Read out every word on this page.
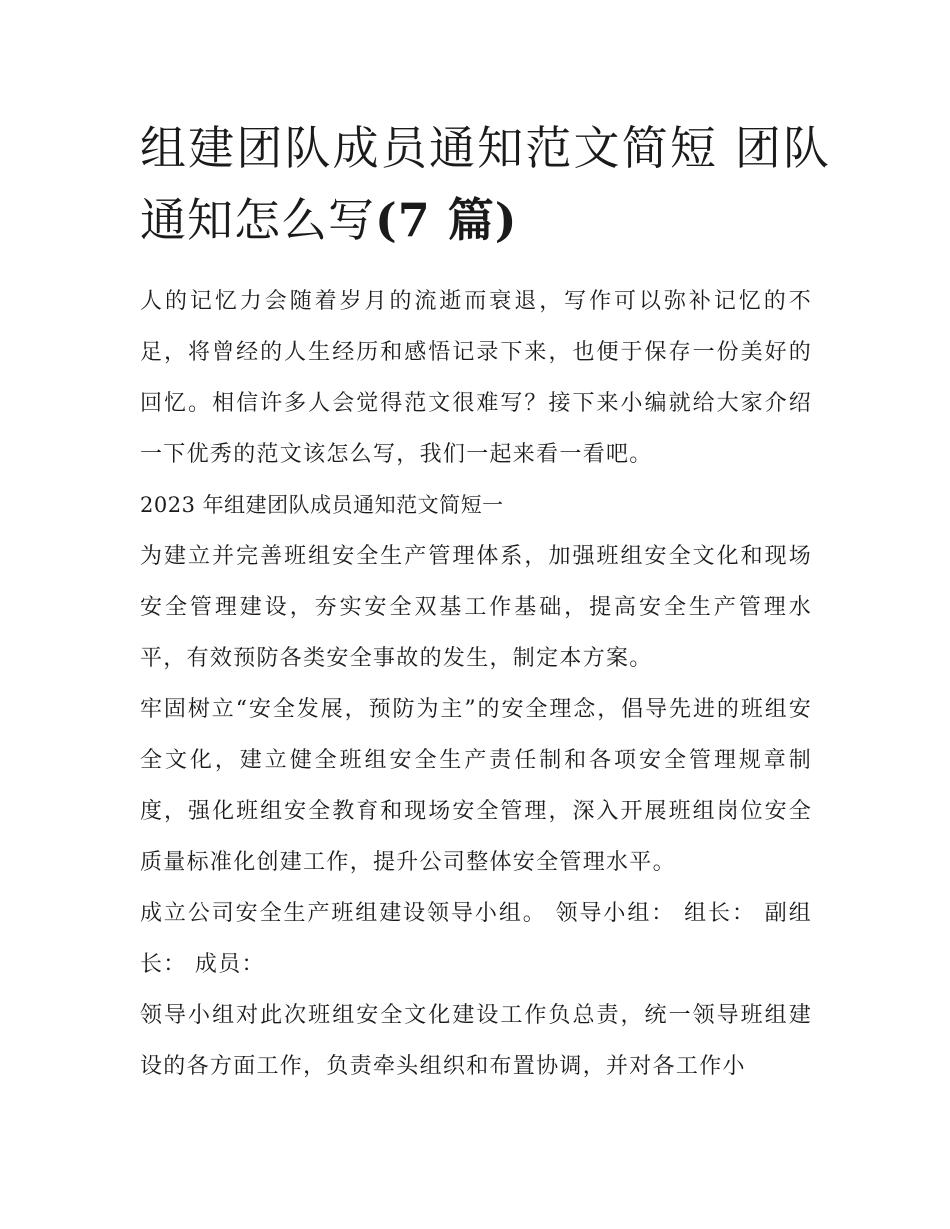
组建团队成员通知范文简短 团队通知怎么写(7 篇)

人的记忆力会随着岁月的流逝而衰退，写作可以弥补记忆的不足，将曾经的人生经历和感悟记录下来，也便于保存一份美好的回忆。相信许多人会觉得范文很难写？接下来小编就给大家介绍一下优秀的范文该怎么写，我们一起来看一看吧。

2023 年组建团队成员通知范文简短一

为建立并完善班组安全生产管理体系，加强班组安全文化和现场安全管理建设，夯实安全双基工作基础，提高安全生产管理水平，有效预防各类安全事故的发生，制定本方案。

牢固树立“安全发展，预防为主”的安全理念，倡导先进的班组安全文化，建立健全班组安全生产责任制和各项安全管理规章制度，强化班组安全教育和现场安全管理，深入开展班组岗位安全质量标准化创建工作，提升公司整体安全管理水平。

成立公司安全生产班组建设领导小组。 领导小组： 组长： 副组长： 成员：

领导小组对此次班组安全文化建设工作负总责，统一领导班组建设的各方面工作，负责牵头组织和布置协调，并对各工作小
